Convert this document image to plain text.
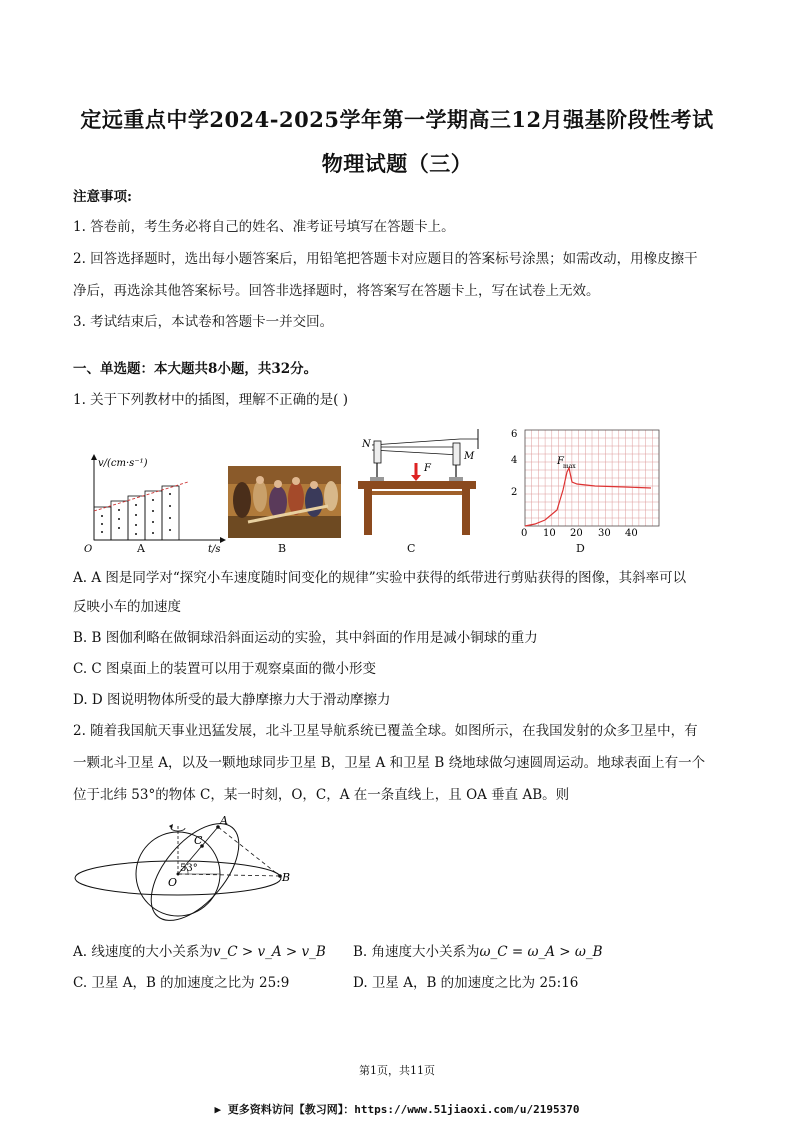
定远重点中学2024-2025学年第一学期高三12月强基阶段性考试
物理试题（三）
注意事项:
1. 答卷前，考生务必将自己的姓名、准考证号填写在答题卡上。
2. 回答选择题时，选出每小题答案后，用铅笔把答题卡对应题目的答案标号涂黑；如需改动，用橡皮擦干
净后，再选涂其他答案标号。回答非选择题时，将答案写在答题卡上，写在试卷上无效。
3. 考试结束后，本试卷和答题卡一并交回。
一、单选题：本大题共8小题，共32分。
1. 关于下列教材中的插图，理解不正确的是( )
v/(cm·s⁻¹)
t/s
O	A	B
N
M
F
C
6
4
2
0 10 20 30 40
F max
D
A. A 图是同学对“探究小车速度随时间变化的规律”实验中获得的纸带进行剪贴获得的图像，其斜率可以
反映小车的加速度
B. B 图伽利略在做铜球沿斜面运动的实验，其中斜面的作用是减小铜球的重力
C. C 图桌面上的装置可以用于观察桌面的微小形变
D. D 图说明物体所受的最大静摩擦力大于滑动摩擦力
2. 随着我国航天事业迅猛发展，北斗卫星导航系统已覆盖全球。如图所示，在我国发射的众多卫星中，有
一颗北斗卫星 A，以及一颗地球同步卫星 B，卫星 A 和卫星 B 绕地球做匀速圆周运动。地球表面上有一个
位于北纬 53°的物体 C，某一时刻，O，C，A 在一条直线上，且 OA 垂直 AB。则
A
B
C
O
53°
A. 线速度的大小关系为v_C > v_A > v_B B. 角速度大小关系为ω_C = ω_A > ω_B
C. 卫星 A，B 的加速度之比为 25:9	D. 卫星 A，B 的加速度之比为 25:16
第1页，共11页
▶ 更多资料访问【教习网】：https://www.51jiaoxi.com/u/2195370
